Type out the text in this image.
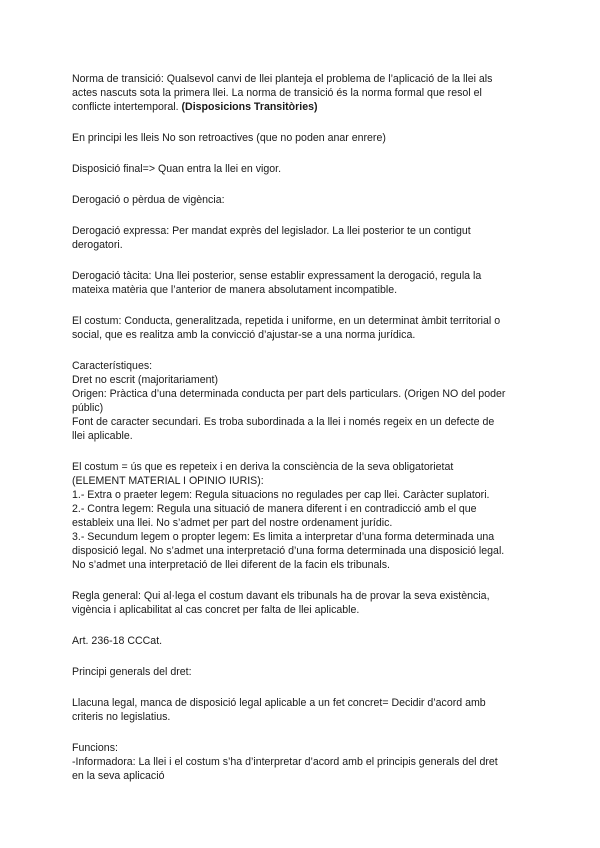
Norma de transició: Qualsevol canvi de llei planteja el problema de l’aplicació de la llei als
actes nascuts sota la primera llei. La norma de transició és la norma formal que resol el
conflicte intertemporal. (Disposicions Transitòries)

En principi les lleis No son retroactives (que no poden anar enrere)

Disposició final=> Quan entra la llei en vigor.

Derogació o pèrdua de vigència:

Derogació expressa: Per mandat exprès del legislador. La llei posterior te un contigut
derogatori.

Derogació tàcita: Una llei posterior, sense establir expressament la derogació, regula la
mateixa matèria que l’anterior de manera absolutament incompatible.

El costum: Conducta, generalitzada, repetida i uniforme, en un determinat àmbit territorial o
social, que es realitza amb la convicció d’ajustar-se a una norma jurídica.

Característiques:
Dret no escrit (majoritariament)
Origen: Pràctica d’una determinada conducta per part dels particulars. (Origen NO del poder
públic)
Font de caracter secundari. Es troba subordinada a la llei i només regeix en un defecte de
llei aplicable.

El costum = ús que es repeteix i en deriva la consciència de la seva obligatorietat
(ELEMENT MATERIAL I OPINIO IURIS):
1.- Extra o praeter legem: Regula situacions no regulades per cap llei. Caràcter suplatori.
2.- Contra legem: Regula una situació de manera diferent i en contradicció amb el que
estableix una llei. No s’admet per part del nostre ordenament jurídic.
3.- Secundum legem o propter legem: Es limita a interpretar d’una forma determinada una
disposició legal. No s’admet una interpretació d’una forma determinada una disposició legal.
No s’admet una interpretació de llei diferent de la facin els tribunals.

Regla general: Qui al·lega el costum davant els tribunals ha de provar la seva existència,
vigència i aplicabilitat al cas concret per falta de llei aplicable.

Art. 236-18 CCCat.

Principi generals del dret:

Llacuna legal, manca de disposició legal aplicable a un fet concret= Decidir d’acord amb
criteris no legislatius.

Funcions:
-Informadora: La llei i el costum s’ha d’interpretar d’acord amb el principis generals del dret
en la seva aplicació
